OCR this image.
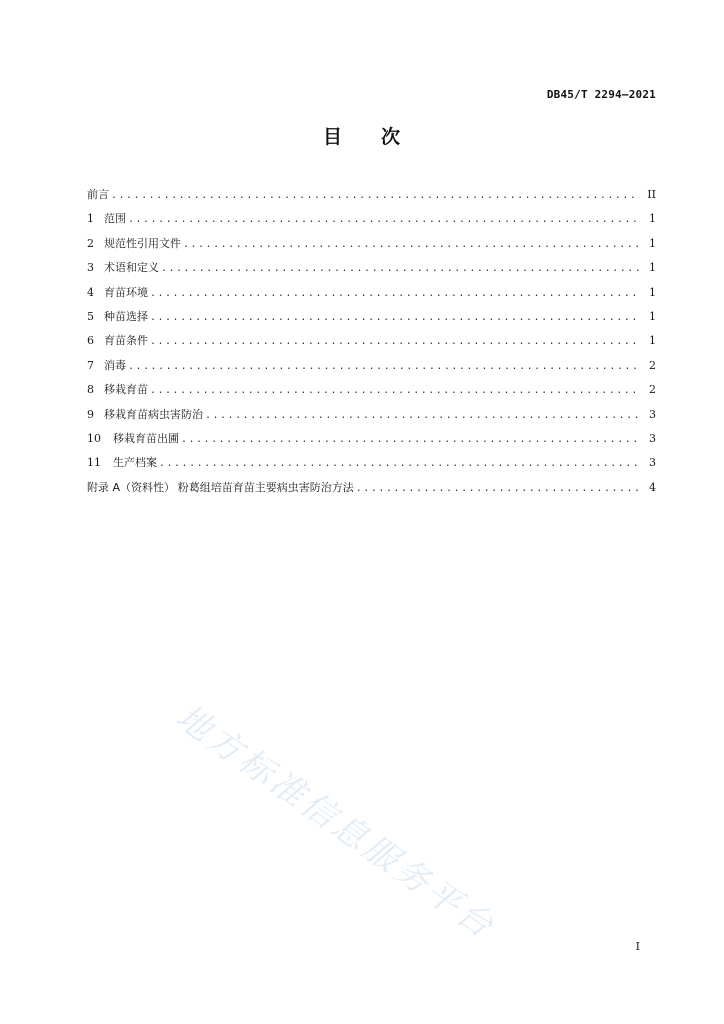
DB45/T 2294—2021
目 次
前言 .....	II
1 范围 .....	1
2 规范性引用文件 .....	1
3 术语和定义 .....	1
4 育苗环境 .....	1
5 种苗选择 .....	1
6 育苗条件 .....	1
7 消毒 .....	2
8 移栽育苗 .....	2
9 移栽育苗病虫害防治 .....	3
10 移栽育苗出圃 .....	3
11 生产档案 .....	3
附录 A（资料性） 粉葛组培苗育苗主要病虫害防治方法 .....	4
地方标准信息服务平台	I
